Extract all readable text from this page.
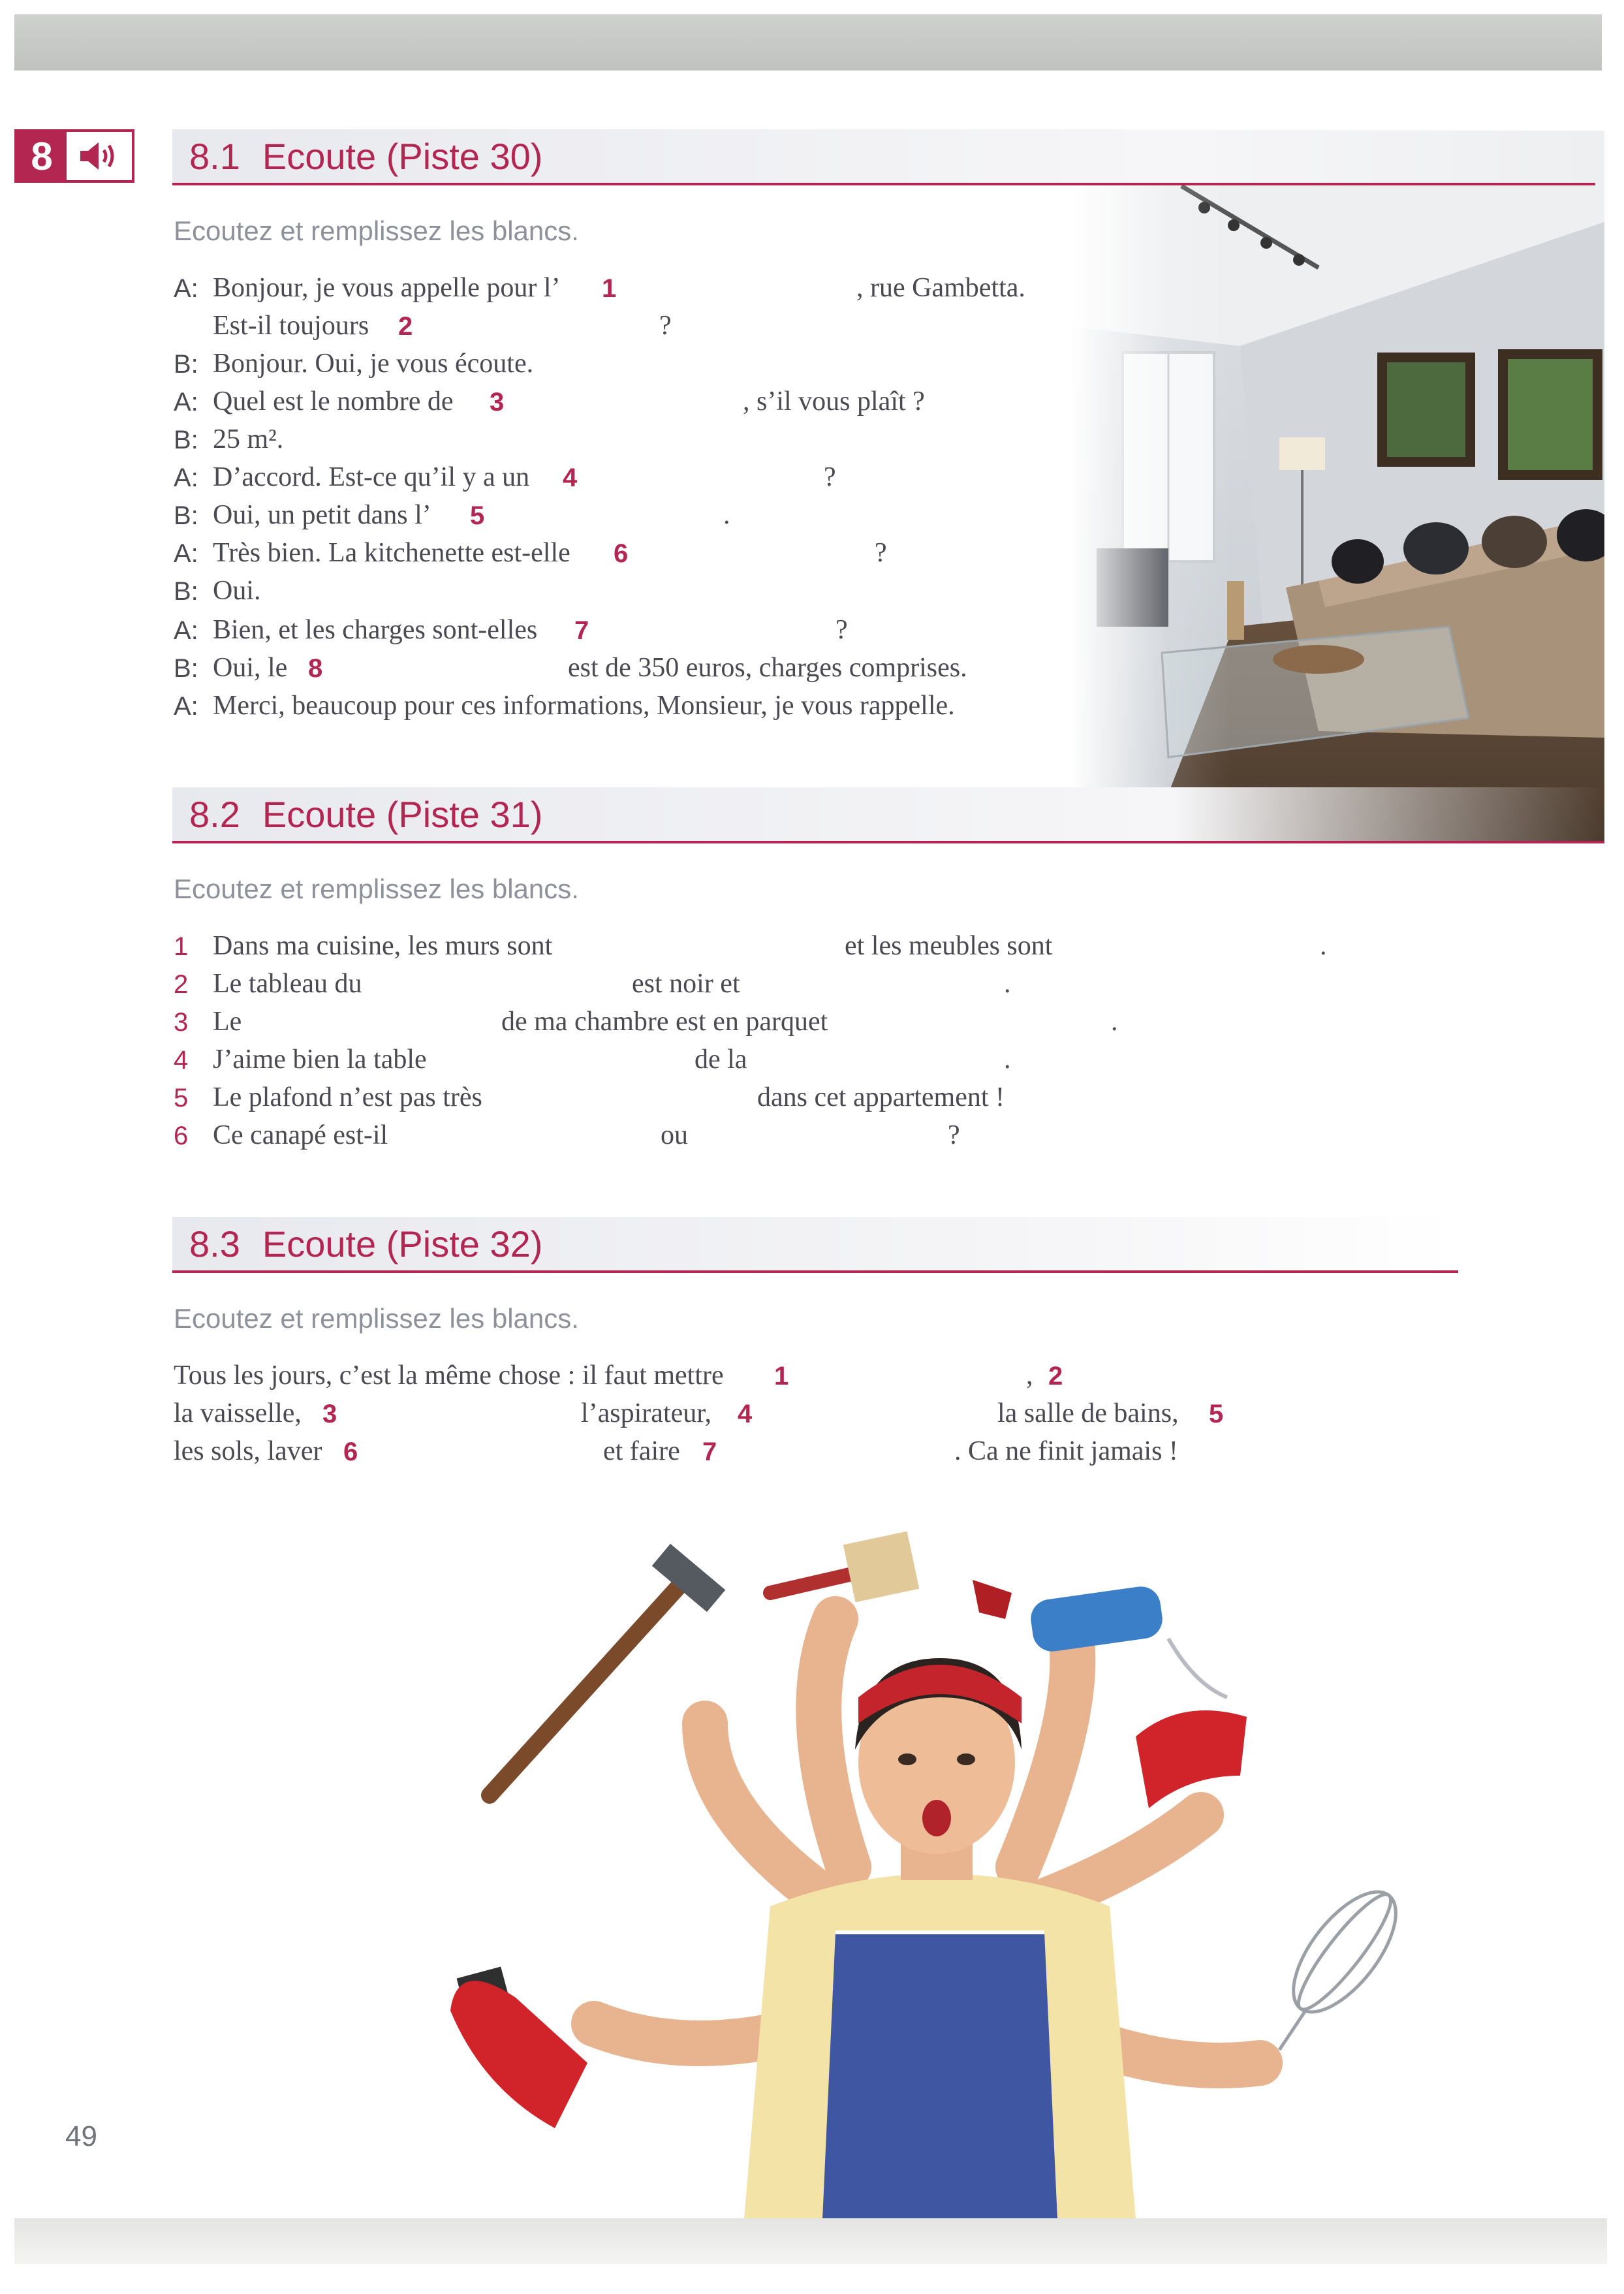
8	8.1 Ecoute (Piste 30)
Ecoutez et remplissez les blancs.
A: Bonjour, je vous appelle pour l’ 1	, rue Gambetta.
Est-il toujours 2	?
B: Bonjour. Oui, je vous écoute.
A: Quel est le nombre de 3	, s’il vous plaît ?
B: 25 m².
A: D’accord. Est-ce qu’il y a un 4	?
B: Oui, un petit dans l’ 5	.
A: Très bien. La kitchenette est-elle 6	?
B: Oui.
A: Bien, et les charges sont-elles 7	?
B: Oui, le 8	est de 350 euros, charges comprises.
A: Merci, beaucoup pour ces informations, Monsieur, je vous rappelle.
8.2 Ecoute (Piste 31)
Ecoutez et remplissez les blancs.
1 Dans ma cuisine, les murs sont	et les meubles sont	.
2 Le tableau du	est noir et	.
3 Le	de ma chambre est en parquet	.
4 J’aime bien la table	de la	.
5 Le plafond n’est pas très	dans cet appartement !
6 Ce canapé est-il	ou	?
8.3 Ecoute (Piste 32)
Ecoutez et remplissez les blancs.
Tous les jours, c’est la même chose : il faut mettre 1	, 2
la vaisselle, 3	l’aspirateur, 4	la salle de bains, 5
les sols, laver 6	et faire 7	. Ca ne finit jamais !
49
